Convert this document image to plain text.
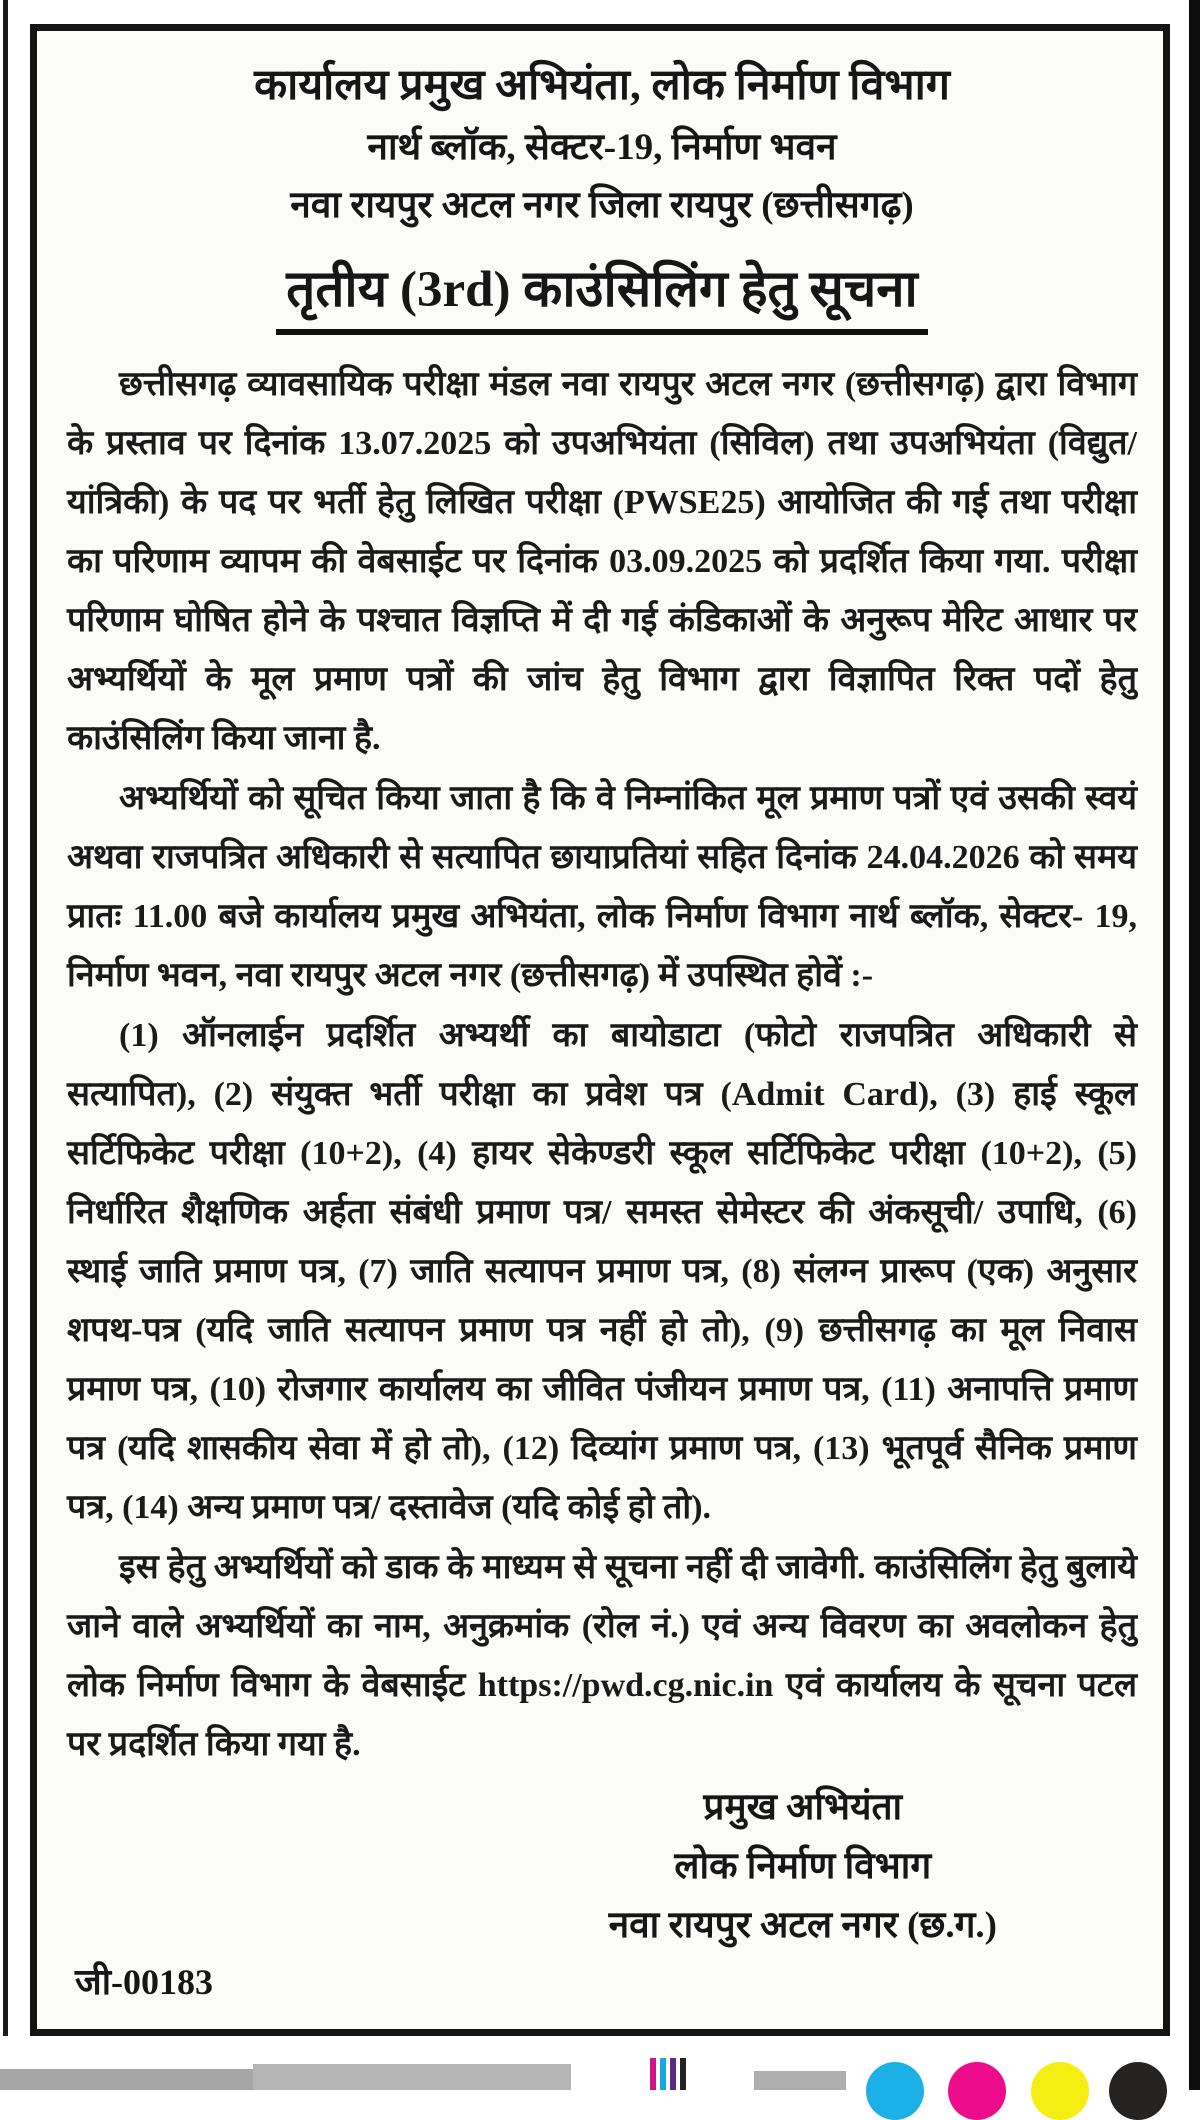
कार्यालय प्रमुख अभियंता, लोक निर्माण विभाग
नार्थ ब्लॉक, सेक्टर-19, निर्माण भवन
नवा रायपुर अटल नगर जिला रायपुर (छत्तीसगढ़)
तृतीय (3rd) काउंसिलिंग हेतु सूचना

छत्तीसगढ़ व्यावसायिक परीक्षा मंडल नवा रायपुर अटल नगर (छत्तीसगढ़) द्वारा विभाग के प्रस्ताव पर दिनांक 13.07.2025 को उपअभियंता (सिविल) तथा उपअभियंता (विद्युत/ यांत्रिकी) के पद पर भर्ती हेतु लिखित परीक्षा (PWSE25) आयोजित की गई तथा परीक्षा का परिणाम व्यापम की वेबसाईट पर दिनांक 03.09.2025 को प्रदर्शित किया गया. परीक्षा परिणाम घोषित होने के पश्चात विज्ञप्ति में दी गई कंडिकाओं के अनुरूप मेरिट आधार पर अभ्यर्थियों के मूल प्रमाण पत्रों की जांच हेतु विभाग द्वारा विज्ञापित रिक्त पदों हेतु काउंसिलिंग किया जाना है.

अभ्यर्थियों को सूचित किया जाता है कि वे निम्नांकित मूल प्रमाण पत्रों एवं उसकी स्वयं अथवा राजपत्रित अधिकारी से सत्यापित छायाप्रतियां सहित दिनांक 24.04.2026 को समय प्रातः 11.00 बजे कार्यालय प्रमुख अभियंता, लोक निर्माण विभाग नार्थ ब्लॉक, सेक्टर- 19, निर्माण भवन, नवा रायपुर अटल नगर (छत्तीसगढ़) में उपस्थित होवें :-

(1) ऑनलाईन प्रदर्शित अभ्यर्थी का बायोडाटा (फोटो राजपत्रित अधिकारी से सत्यापित), (2) संयुक्त भर्ती परीक्षा का प्रवेश पत्र (Admit Card), (3) हाई स्कूल सर्टिफिकेट परीक्षा (10+2), (4) हायर सेकेण्डरी स्कूल सर्टिफिकेट परीक्षा (10+2), (5) निर्धारित शैक्षणिक अर्हता संबंधी प्रमाण पत्र/ समस्त सेमेस्टर की अंकसूची/ उपाधि, (6) स्थाई जाति प्रमाण पत्र, (7) जाति सत्यापन प्रमाण पत्र, (8) संलग्न प्रारूप (एक) अनुसार शपथ-पत्र (यदि जाति सत्यापन प्रमाण पत्र नहीं हो तो), (9) छत्तीसगढ़ का मूल निवास प्रमाण पत्र, (10) रोजगार कार्यालय का जीवित पंजीयन प्रमाण पत्र, (11) अनापत्ति प्रमाण पत्र (यदि शासकीय सेवा में हो तो), (12) दिव्यांग प्रमाण पत्र, (13) भूतपूर्व सैनिक प्रमाण पत्र, (14) अन्य प्रमाण पत्र/ दस्तावेज (यदि कोई हो तो).

इस हेतु अभ्यर्थियों को डाक के माध्यम से सूचना नहीं दी जावेगी. काउंसिलिंग हेतु बुलाये जाने वाले अभ्यर्थियों का नाम, अनुक्रमांक (रोल नं.) एवं अन्य विवरण का अवलोकन हेतु लोक निर्माण विभाग के वेबसाईट https://pwd.cg.nic.in एवं कार्यालय के सूचना पटल पर प्रदर्शित किया गया है.

प्रमुख अभियंता
लोक निर्माण विभाग
नवा रायपुर अटल नगर (छ.ग.)
जी-00183
